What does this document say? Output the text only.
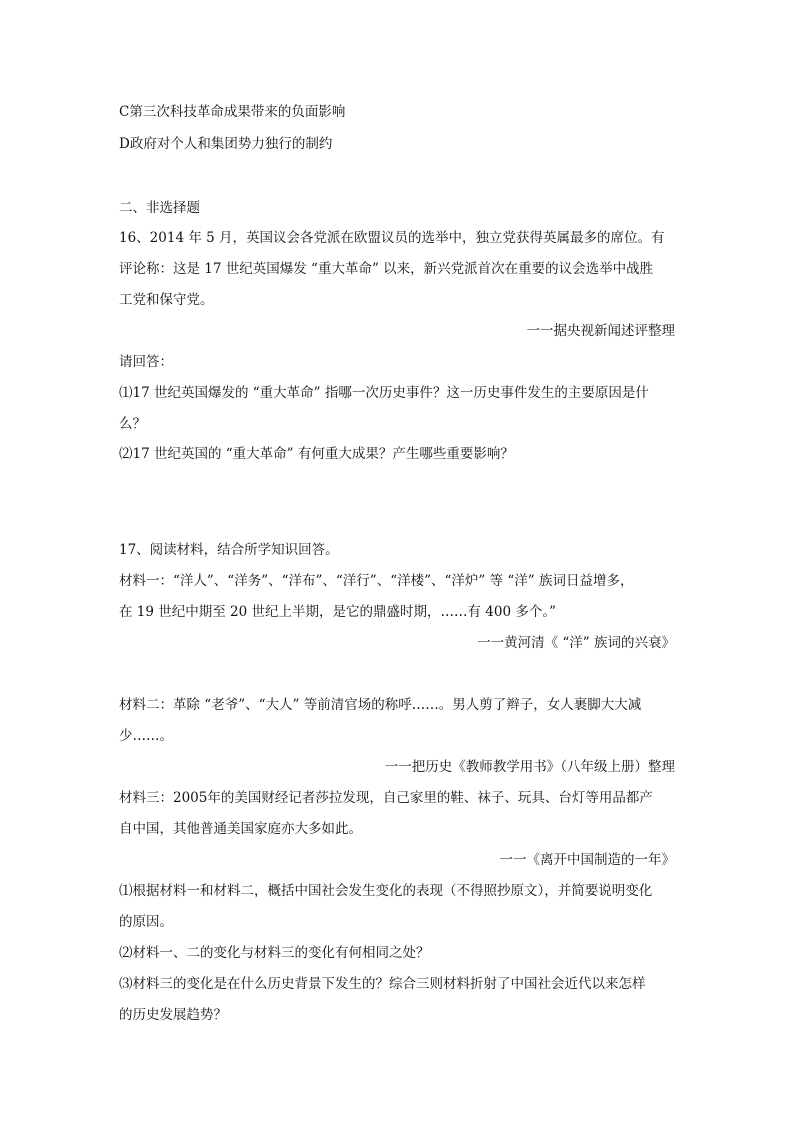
C第三次科技革命成果带来的负面影响
D政府对个人和集团势力独行的制约
二、非选择题
16、2014 年 5 月，英国议会各党派在欧盟议员的选举中，独立党获得英属最多的席位。有
评论称：这是 17 世纪英国爆发 “重大革命” 以来，新兴党派首次在重要的议会选举中战胜
工党和保守党。
一一据央视新闻述评整理
请回答：
⑴17 世纪英国爆发的 “重大革命” 指哪一次历史事件？这一历史事件发生的主要原因是什
么？
⑵17 世纪英国的 “重大革命” 有何重大成果？产生哪些重要影响？
17、阅读材料，结合所学知识回答。
材料一：“洋人”、“洋务”、“洋布”、“洋行”、“洋楼”、“洋炉” 等 “洋” 族词日益增多，
在 19 世纪中期至 20 世纪上半期，是它的鼎盛时期，……有 400 多个。”
一一黄河清《 “洋” 族词的兴衰》
材料二：革除 “老爷”、“大人” 等前清官场的称呼……。男人剪了辫子，女人裹脚大大减
少……。
一一把历史《教师教学用书》（八年级上册）整理
材料三：2005年的美国财经记者莎拉发现，自己家里的鞋、袜子、玩具、台灯等用品都产
自中国，其他普通美国家庭亦大多如此。
一一《离开中国制造的一年》
⑴根据材料一和材料二，概括中国社会发生变化的表现（不得照抄原文），并简要说明变化
的原因。
⑵材料一、二的变化与材料三的变化有何相同之处？
⑶材料三的变化是在什么历史背景下发生的？综合三则材料折射了中国社会近代以来怎样
的历史发展趋势？
